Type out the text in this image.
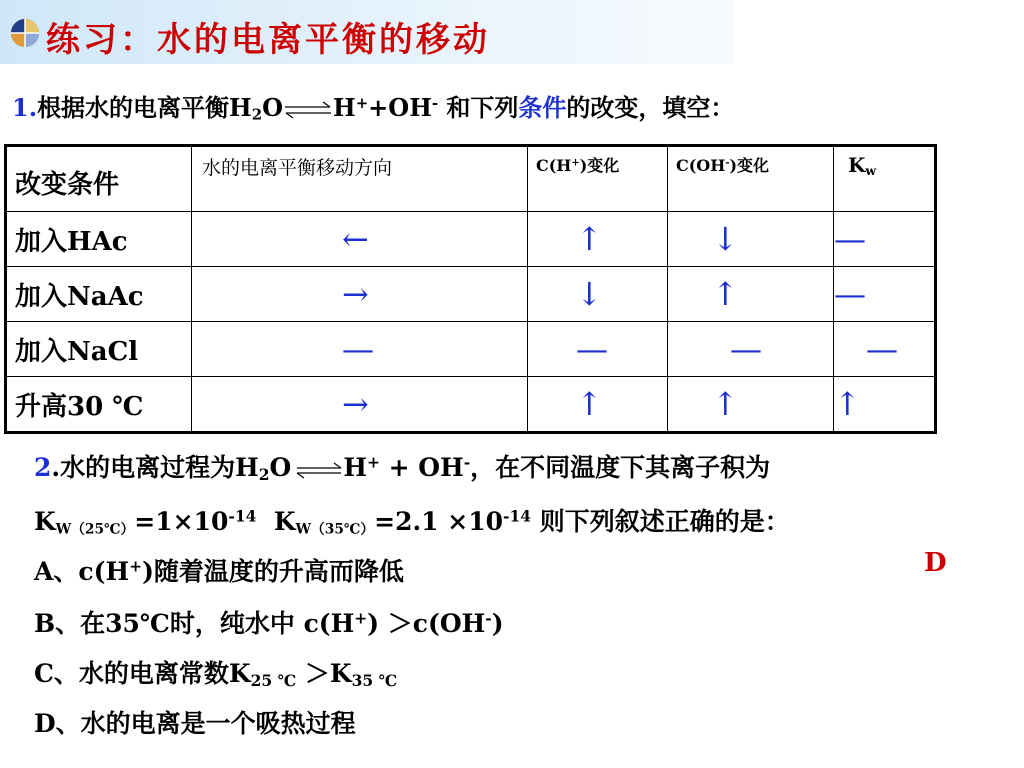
练习：水的电离平衡的移动
1.根据水的电离平衡$H_2O\rightleftharpoons H^++OH^-$ 和下列条件的改变，填空：
改变条件	水的电离平衡移动方向	C(H+)变化	C(OH-)变化	$K_w$
加入HAc	←	↑	↓	—

加入NaAc	→	↓	↑	—

加入NaCl	—	—	—	—

升高30 ℃	→	↑	↑	↑
2.水的电离过程为$H_2O\rightleftharpoons H^+ + OH^-$，在不同温度下其离子积为
$K_{W(25℃)}=1\times 10^{-14}$ $K_{W(35℃)}=2.1 \times 10^{-14}$ 则下列叙述正确的是：
D
A、c(H+)随着温度的升高而降低
B、在35℃时，纯水中 c(H+) ＞c(OH-)
C、水的电离常数$K_{25 ℃} >K_{35 ℃}$
D、水的电离是一个吸热过程
